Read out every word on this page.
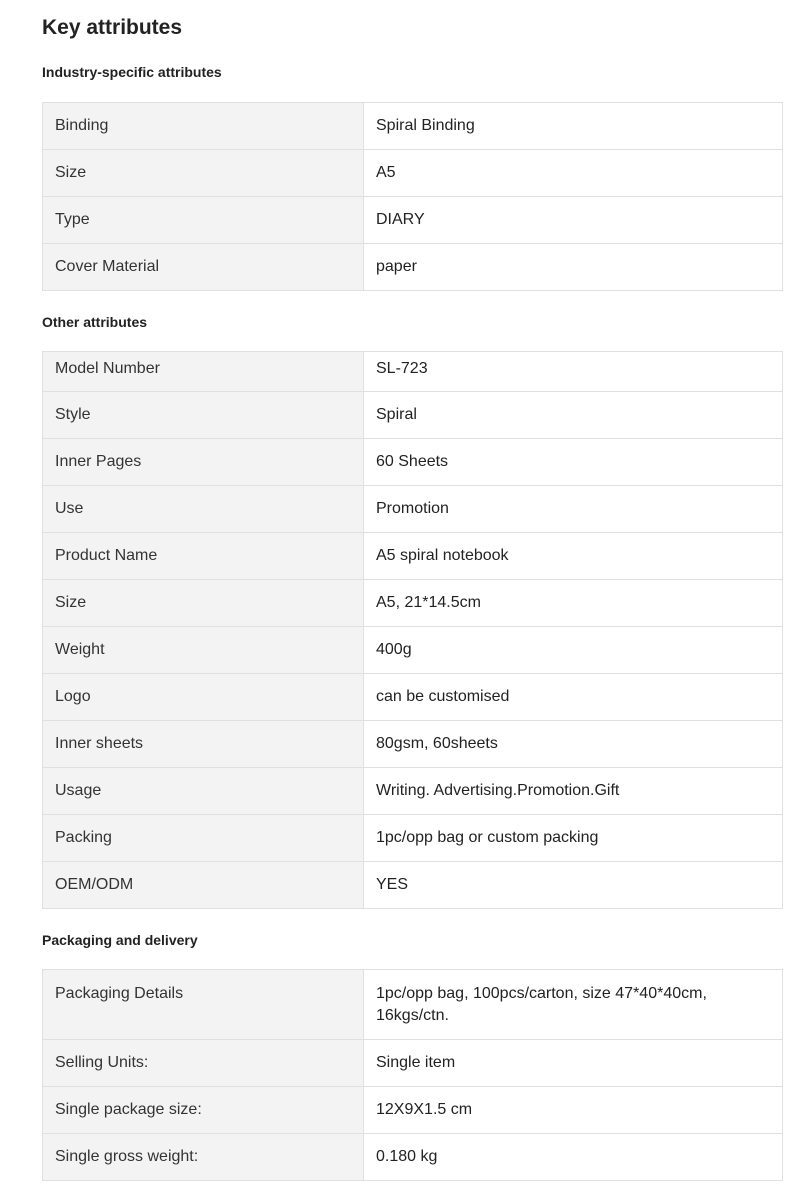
Key attributes
Industry-specific attributes
Binding	Spiral Binding
Size	A5
Type	DIARY
Cover Material	paper
Other attributes
Model Number	SL-723
Style	Spiral
Inner Pages	60 Sheets
Use	Promotion
Product Name	A5 spiral notebook
Size	A5, 21*14.5cm
Weight	400g
Logo	can be customised
Inner sheets	80gsm, 60sheets
Usage	Writing. Advertising.Promotion.Gift
Packing	1pc/opp bag or custom packing
OEM/ODM	YES
Packaging and delivery
Packaging Details	1pc/opp bag, 100pcs/carton, size 47*40*40cm, 16kgs/ctn.
Selling Units:	Single item
Single package size:	12X9X1.5 cm
Single gross weight:	0.180 kg
